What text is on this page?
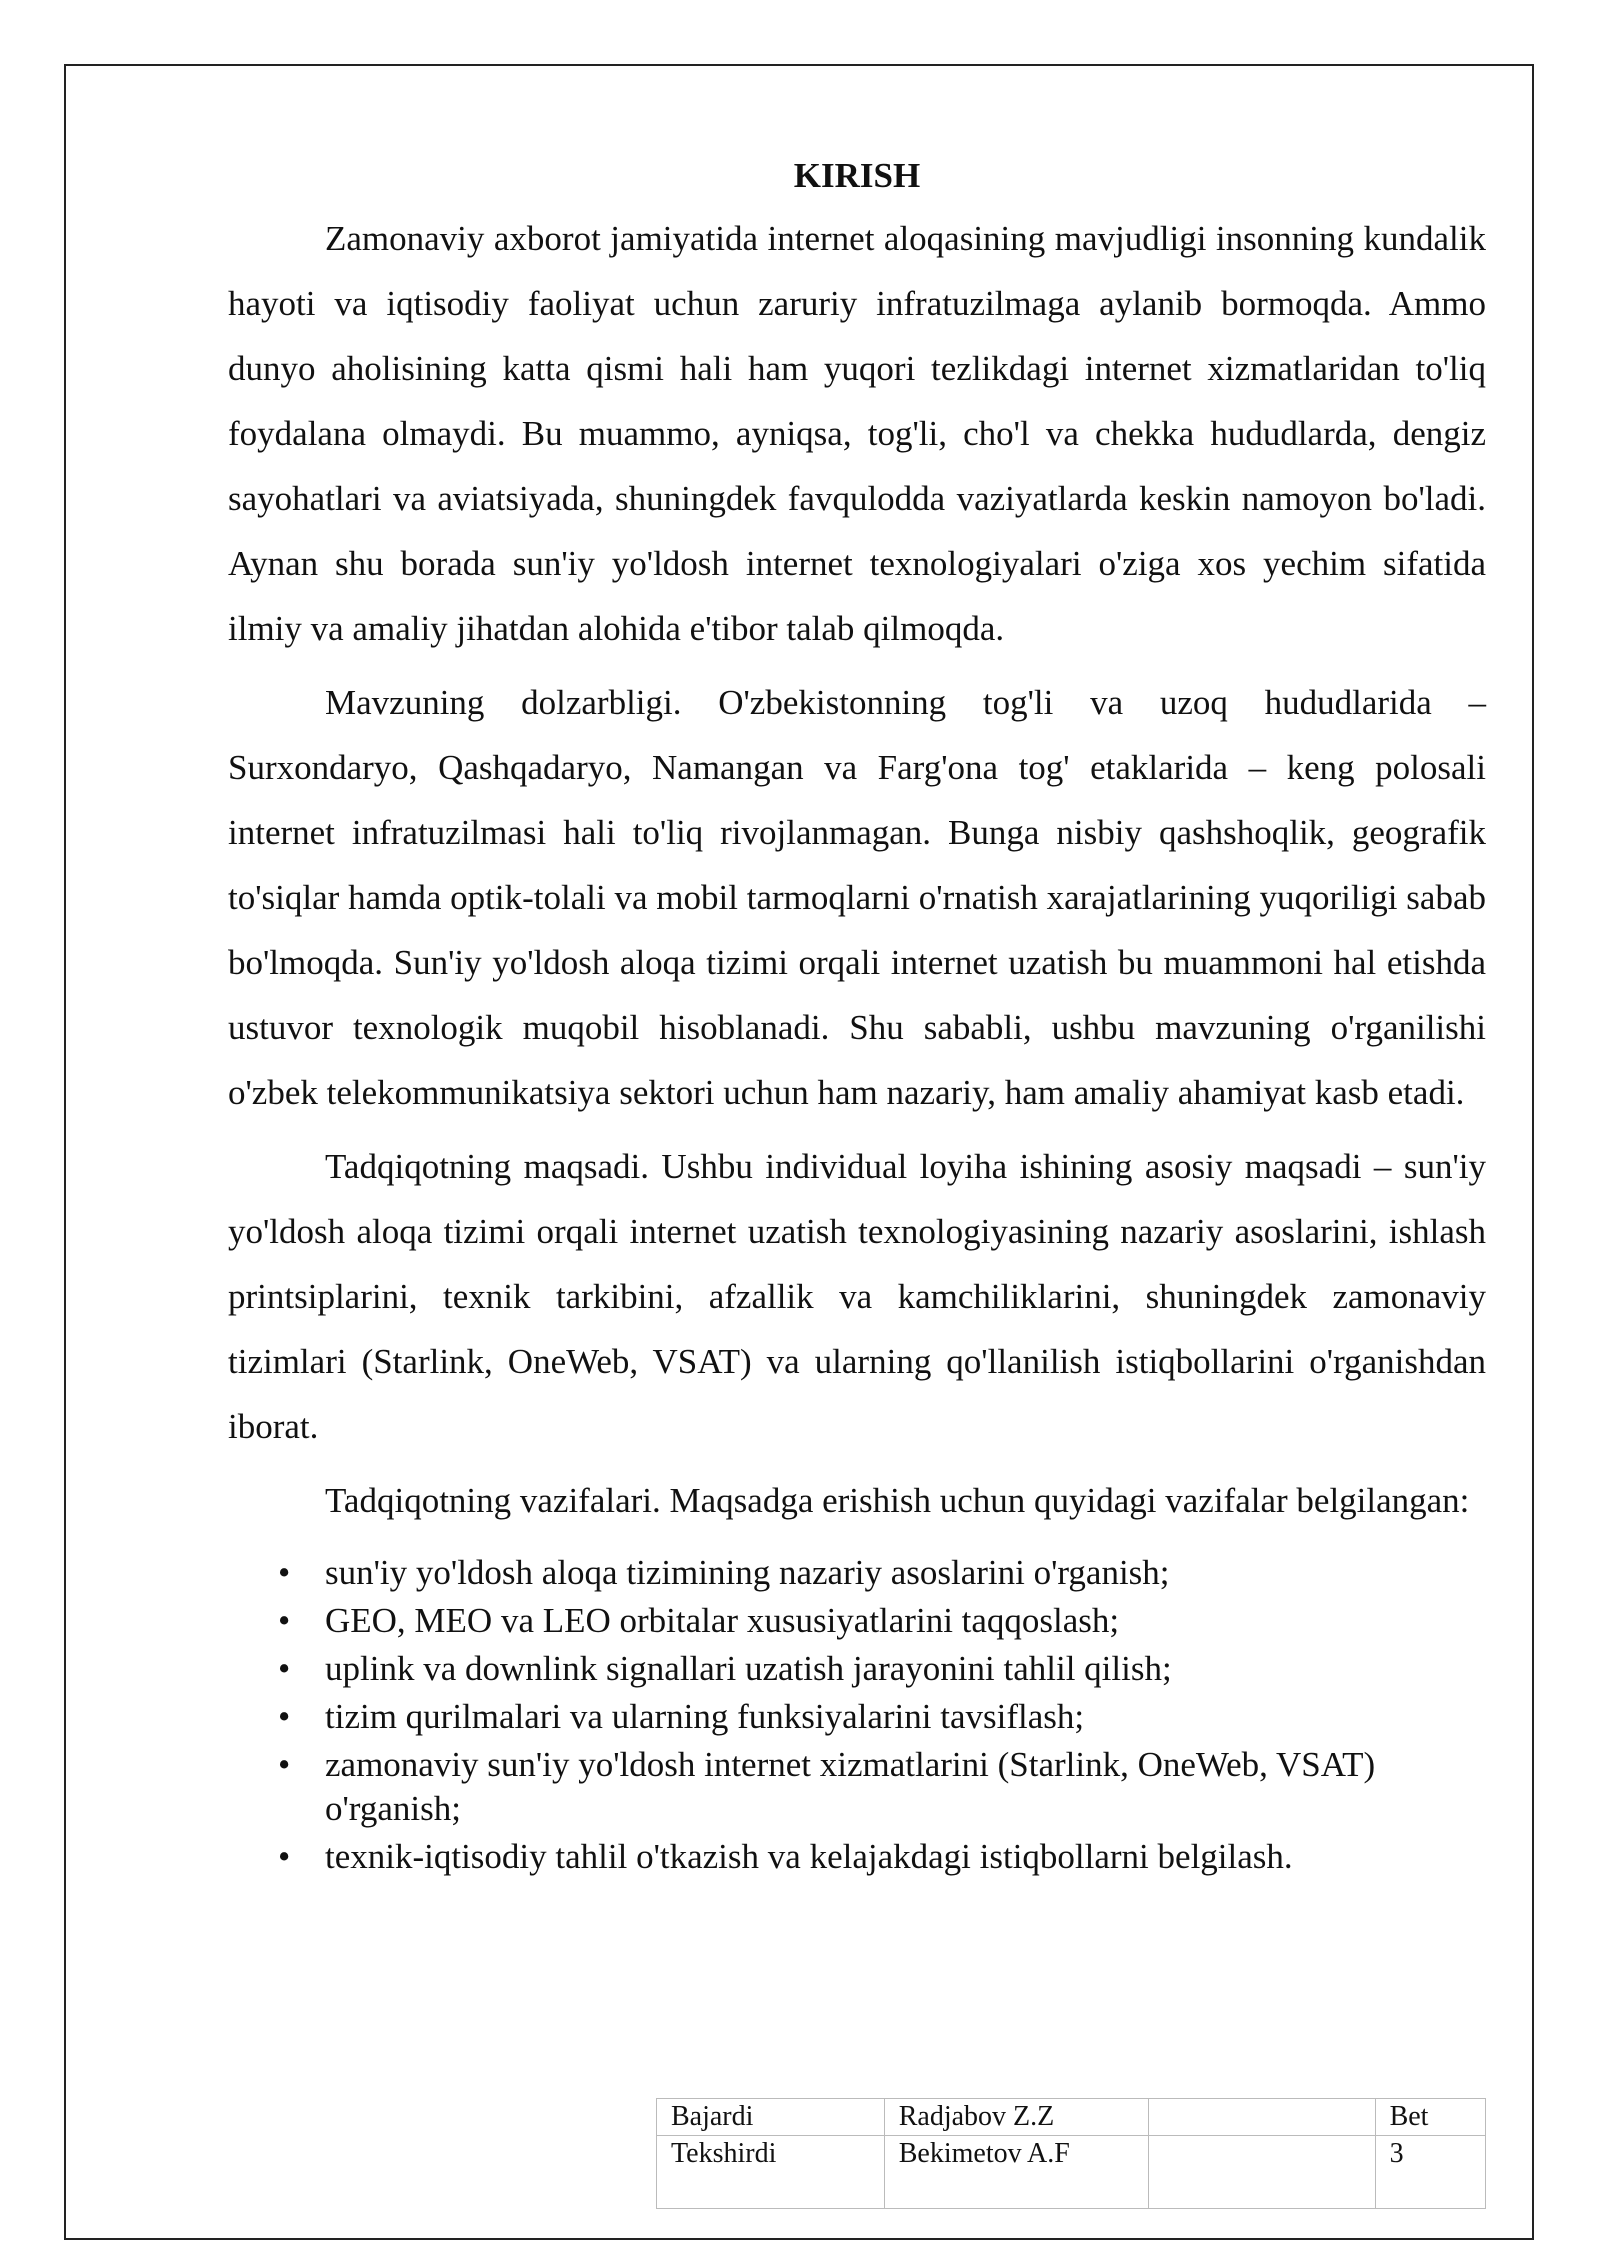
KIRISH

Zamonaviy axborot jamiyatida internet aloqasining mavjudligi insonning kundalik hayoti va iqtisodiy faoliyat uchun zaruriy infratuzilmaga aylanib bormoqda. Ammo dunyo aholisining katta qismi hali ham yuqori tezlikdagi internet xizmatlaridan to'liq foydalana olmaydi. Bu muammo, ayniqsa, tog'li, cho'l va chekka hududlarda, dengiz sayohatlari va aviatsiyada, shuningdek favqulodda vaziyatlarda keskin namoyon bo'ladi. Aynan shu borada sun'iy yo'ldosh internet texnologiyalari o'ziga xos yechim sifatida ilmiy va amaliy jihatdan alohida e'tibor talab qilmoqda.

Mavzuning dolzarbligi. O'zbekistonning tog'li va uzoq hududlarida – Surxondaryo, Qashqadaryo, Namangan va Farg'ona tog' etaklarida – keng polosali internet infratuzilmasi hali to'liq rivojlanmagan. Bunga nisbiy qashshoqlik, geografik to'siqlar hamda optik-tolali va mobil tarmoqlarni o'rnatish xarajatlarining yuqoriligi sabab bo'lmoqda. Sun'iy yo'ldosh aloqa tizimi orqali internet uzatish bu muammoni hal etishda ustuvor texnologik muqobil hisoblanadi. Shu sababli, ushbu mavzuning o'rganilishi o'zbek telekommunikatsiya sektori uchun ham nazariy, ham amaliy ahamiyat kasb etadi.

Tadqiqotning maqsadi. Ushbu individual loyiha ishining asosiy maqsadi – sun'iy yo'ldosh aloqa tizimi orqali internet uzatish texnologiyasining nazariy asoslarini, ishlash printsiplarini, texnik tarkibini, afzallik va kamchiliklarini, shuningdek zamonaviy tizimlari (Starlink, OneWeb, VSAT) va ularning qo'llanilish istiqbollarini o'rganishdan iborat.

Tadqiqotning vazifalari. Maqsadga erishish uchun quyidagi vazifalar belgilangan:

• sun'iy yo'ldosh aloqa tizimining nazariy asoslarini o'rganish;
• GEO, MEO va LEO orbitalar xususiyatlarini taqqoslash;
• uplink va downlink signallari uzatish jarayonini tahlil qilish;
• tizim qurilmalari va ularning funksiyalarini tavsiflash;
• zamonaviy sun'iy yo'ldosh internet xizmatlarini (Starlink, OneWeb, VSAT) o'rganish;
• texnik-iqtisodiy tahlil o'tkazish va kelajakdagi istiqbollarni belgilash.
Bajardi	Radjabov Z.Z		Bet
Tekshirdi	Bekimetov A.F		3
